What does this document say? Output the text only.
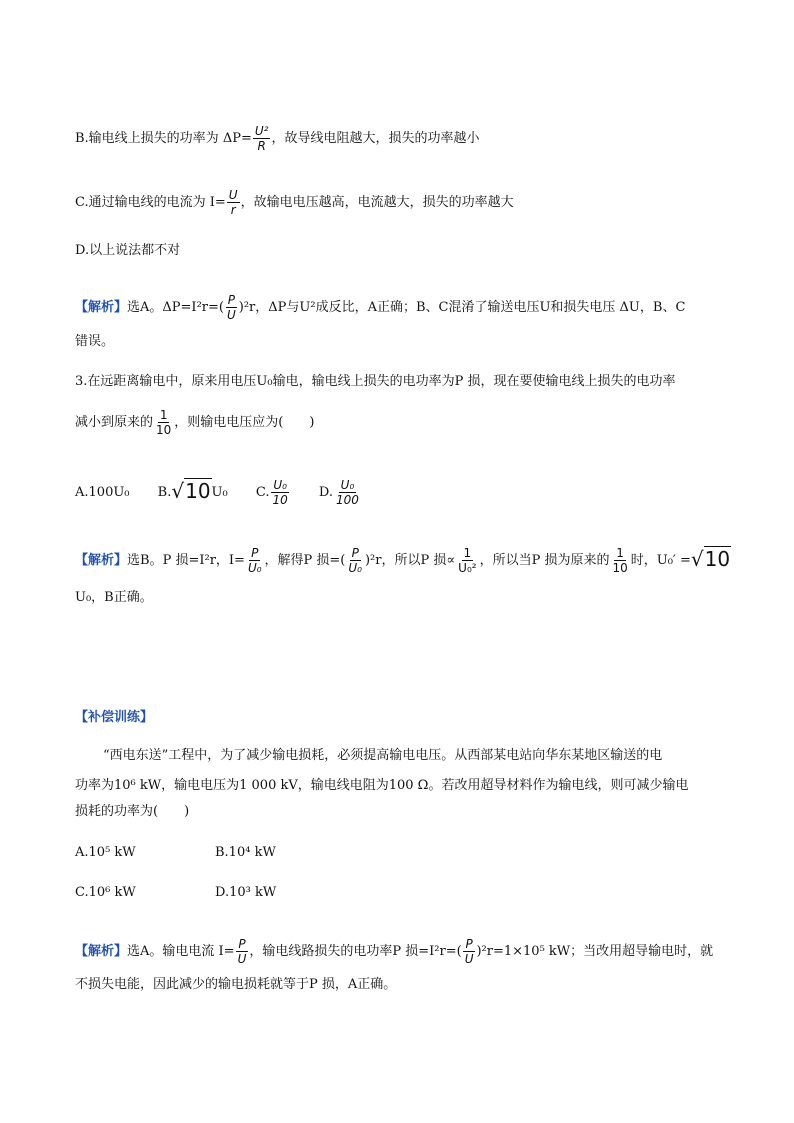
B.输电线上损失的功率为 $\Delta P= \frac{\text{U²}}{R}$ ，故导线电阻越大，损失的功率越小
C.通过输电线的电流为 $I= \frac{U}{r}$ ，故输电电压越高，电流越大，损失的功率越大
D.以上说法都不对
【解析】选A。$\Delta P=I^2r=( \frac{P}{U} )^2r$，ΔP与U²成反比，A正确；B、C混淆了输送电压U和损失电压 ΔU，B、C
错误。
3.在远距离输电中，原来用电压U₀输电，输电线上损失的电功率为P 损，现在要使输电线上损失的电功率
减小到原来的 $\frac{1}{10}$ ，则输电电压应为(　　)
A.100U₀ B.√10U₀ C. $\frac{\text{U₀}}{10} D$. $\frac{\text{U₀}}{100}$
【解析】选B。P 损=I²r，$I= \frac{P}{\text{U₀}}$ ，解得P 损=( $\frac{P}{\text{U₀}} )^2r$，所以P 损∝ $\frac{1}{\text{U₀²}}$ ，所以当P 损为原来的 $\frac{1}{10}$ 时，U₀′ =√10
U₀，B正确。
【补偿训练】
“西电东送”工程中，为了减少输电损耗，必须提高输电电压。从西部某电站向华东某地区输送的电
功率为10⁶ kW，输电电压为1 000 kV，输电线电阻为100 Ω。若改用超导材料作为输电线，则可减少输电
损耗的功率为(　　)
A.10⁵ kW	B.10⁴ kW
C.10⁶ kW	D.10³ kW
【解析】选A。输电电流 $I= \frac{P}{U}$ ，输电线路损失的电功率P 损$=I^2r=( \frac{P}{U} )^2r=1\times 10^5$ kW；当改用超导输电时，就
不损失电能，因此减少的输电损耗就等于P 损，A正确。
